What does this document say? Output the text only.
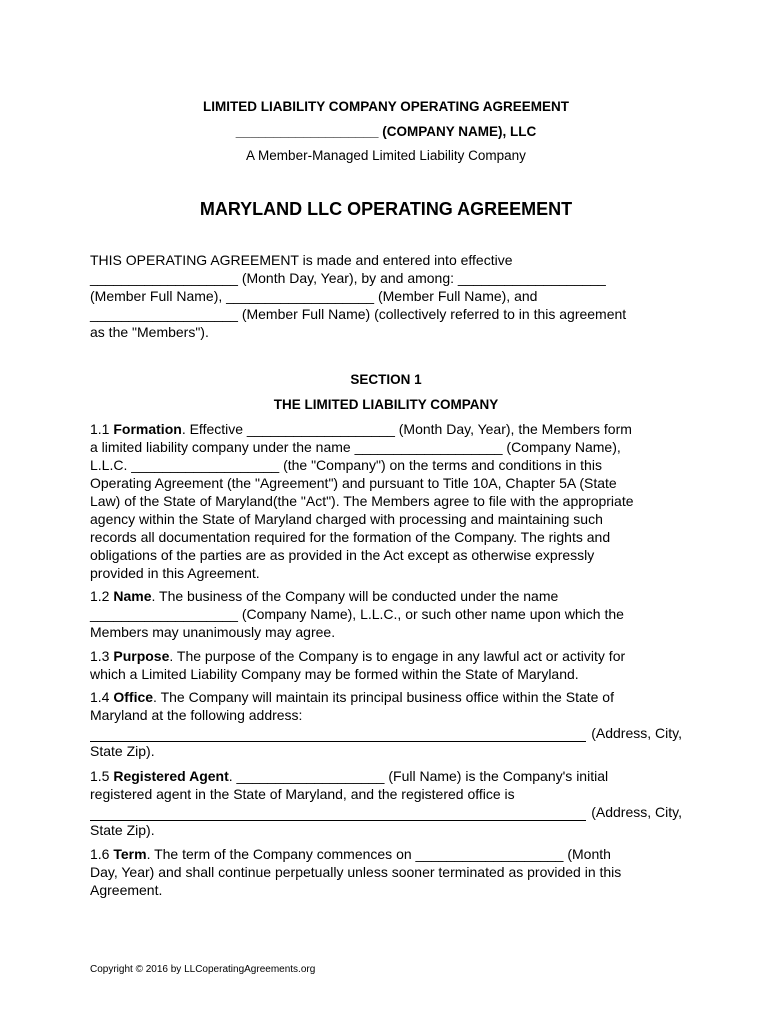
LIMITED LIABILITY COMPANY OPERATING AGREEMENT
___________________ (COMPANY NAME), LLC
A Member-Managed Limited Liability Company
MARYLAND LLC OPERATING AGREEMENT
THIS OPERATING AGREEMENT is made and entered into effective
___________________ (Month Day, Year), by and among: ___________________
(Member Full Name), ___________________ (Member Full Name), and
___________________ (Member Full Name) (collectively referred to in this agreement
as the "Members").
SECTION 1
THE LIMITED LIABILITY COMPANY
1.1 Formation. Effective ___________________ (Month Day, Year), the Members form
a limited liability company under the name ___________________ (Company Name),
L.L.C. ___________________ (the "Company") on the terms and conditions in this
Operating Agreement (the "Agreement") and pursuant to Title 10A, Chapter 5A (State
Law) of the State of Maryland(the "Act"). The Members agree to file with the appropriate
agency within the State of Maryland charged with processing and maintaining such
records all documentation required for the formation of the Company. The rights and
obligations of the parties are as provided in the Act except as otherwise expressly
provided in this Agreement.
1.2 Name. The business of the Company will be conducted under the name
___________________ (Company Name), L.L.C., or such other name upon which the
Members may unanimously may agree.
1.3 Purpose. The purpose of the Company is to engage in any lawful act or activity for
which a Limited Liability Company may be formed within the State of Maryland.
1.4 Office. The Company will maintain its principal business office within the State of
Maryland at the following address:
(Address, City,
State Zip).
1.5 Registered Agent. ___________________ (Full Name) is the Company's initial
registered agent in the State of Maryland, and the registered office is
(Address, City,
State Zip).
1.6 Term. The term of the Company commences on ___________________ (Month
Day, Year) and shall continue perpetually unless sooner terminated as provided in this
Agreement.
Copyright © 2016 by LLCoperatingAgreements.org
